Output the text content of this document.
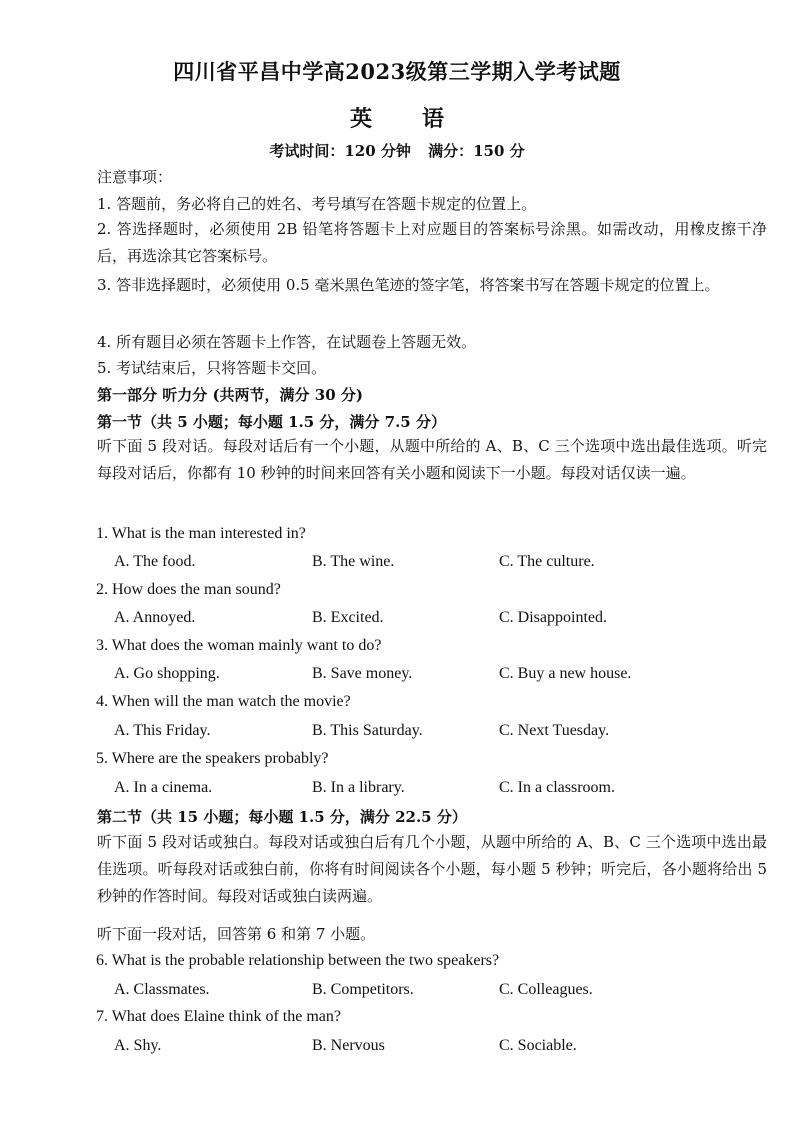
四川省平昌中学高2023级第三学期入学考试题
英　语
考试时间：120 分钟 满分：150 分
注意事项：
1. 答题前，务必将自己的姓名、考号填写在答题卡规定的位置上。
2. 答选择题时，必须使用 2B 铅笔将答题卡上对应题目的答案标号涂黑。如需改动，用橡皮擦干净后，再选涂其它答案标号。
3. 答非选择题时，必须使用 0.5 毫米黑色笔迹的签字笔，将答案书写在答题卡规定的位置上。
4. 所有题目必须在答题卡上作答，在试题卷上答题无效。
5. 考试结束后，只将答题卡交回。
第一部分 听力分 (共两节，满分 30 分)
第一节（共 5 小题；每小题 1.5 分，满分 7.5 分）
听下面 5 段对话。每段对话后有一个小题，从题中所给的 A、B、C 三个选项中选出最佳选项。听完每段对话后，你都有 10 秒钟的时间来回答有关小题和阅读下一小题。每段对话仅读一遍。
1. What is the man interested in?
A. The food.	B. The wine.	C. The culture.
2. How does the man sound?
A. Annoyed.	B. Excited.	C. Disappointed.
3. What does the woman mainly want to do?
A. Go shopping.	B. Save money.	C. Buy a new house.
4. When will the man watch the movie?
A. This Friday.	B. This Saturday.	C. Next Tuesday.
5. Where are the speakers probably?
A. In a cinema.	B. In a library.	C. In a classroom.
第二节（共 15 小题；每小题 1.5 分，满分 22.5 分）
听下面 5 段对话或独白。每段对话或独白后有几个小题，从题中所给的 A、B、C 三个选项中选出最佳选项。听每段对话或独白前，你将有时间阅读各个小题，每小题 5 秒钟；听完后，各小题将给出 5 秒钟的作答时间。每段对话或独白读两遍。
听下面一段对话，回答第 6 和第 7 小题。
6. What is the probable relationship between the two speakers?
A. Classmates.	B. Competitors.	C. Colleagues.
7. What does Elaine think of the man?
A. Shy.	B. Nervous	C. Sociable.
